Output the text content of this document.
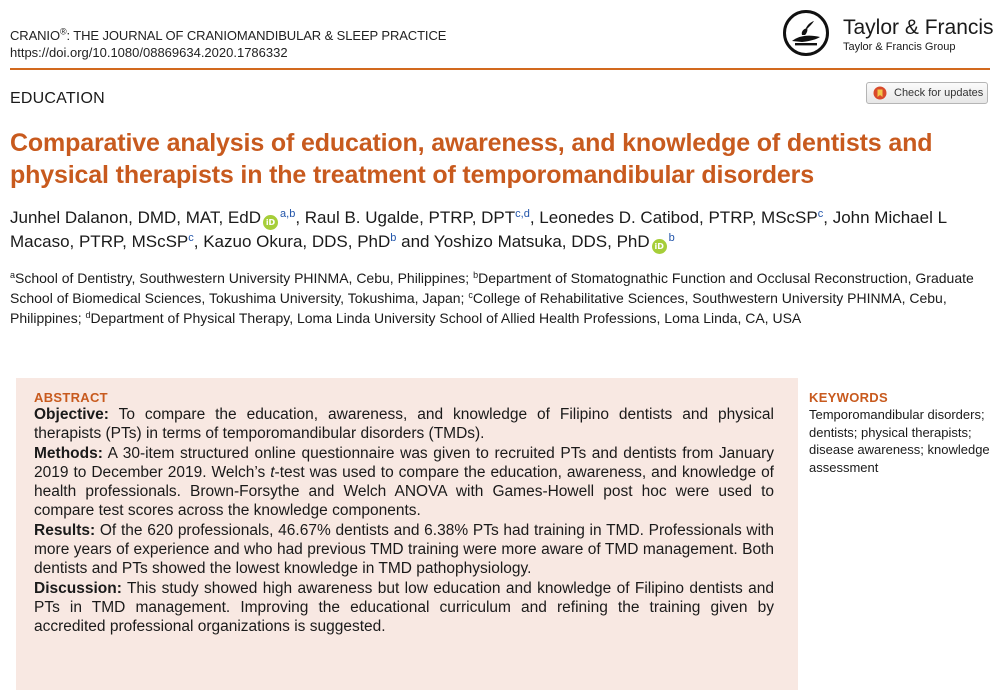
CRANIO®: THE JOURNAL OF CRANIOMANDIBULAR & SLEEP PRACTICE
https://doi.org/10.1080/08869634.2020.1786332
Taylor & Francis
Taylor & Francis Group
EDUCATION	Check for updates
Comparative analysis of education, awareness, and knowledge of dentists and physical therapists in the treatment of temporomandibular disorders
Junhel Dalanon, DMD, MAT, EdD iD$^{a,b}$, Raul B. Ugalde, PTRP, DPT$^{c,d}$, Leonedes D. Catibod, PTRP, MScSP$^c$, John Michael L Macaso, PTRP, MScSP$^c$, Kazuo Okura, DDS, PhD$^b$ and Yoshizo Matsuka, DDS, PhD $iD^b$
$^a$School of Dentistry, Southwestern University PHINMA, Cebu, Philippines; $^b$Department of Stomatognathic Function and Occlusal Reconstruction, Graduate School of Biomedical Sciences, Tokushima University, Tokushima, Japan; $^c$College of Rehabilitative Sciences, Southwestern University PHINMA, Cebu, Philippines; $^d$Department of Physical Therapy, Loma Linda University School of Allied Health Professions, Loma Linda, CA, USA
ABSTRACT

Objective: To compare the education, awareness, and knowledge of Filipino dentists and physical therapists (PTs) in terms of temporomandibular disorders (TMDs).

Methods: A 30-item structured online questionnaire was given to recruited PTs and dentists from January 2019 to December 2019. Welch’s t-test was used to compare the education, awareness, and knowledge of health professionals. Brown-Forsythe and Welch ANOVA with Games-Howell post hoc were used to compare test scores across the knowledge components.

Results: Of the 620 professionals, 46.67% dentists and 6.38% PTs had training in TMD. Professionals with more years of experience and who had previous TMD training were more aware of TMD management. Both dentists and PTs showed the lowest knowledge in TMD pathophysiology.

Discussion: This study showed high awareness but low education and knowledge of Filipino dentists and PTs in TMD management. Improving the educational curriculum and refining the training given by accredited professional organizations is suggested.

KEYWORDS
Temporomandibular disorders; dentists; physical therapists; disease awareness; knowledge assessment
